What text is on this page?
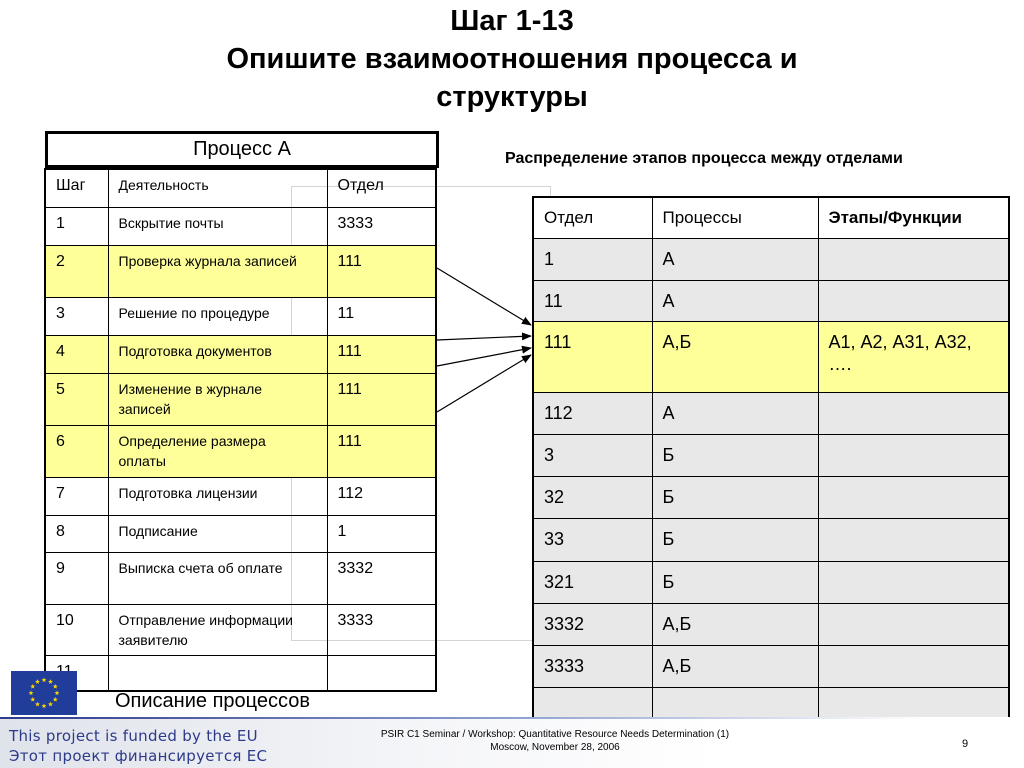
Шаг 1-13
Опишите взаимоотношения процесса и
структуры
Процесс А
Шаг	Деятельность	Отдел
1	Вскрытие почты	3333
2	Проверка журнала записей	111
3	Решение по процедуре	11
4	Подготовка документов	111
5	Изменение в журнале записей	111
6	Определение размера оплаты	111
7	Подготовка лицензии	112
8	Подписание	1
9	Выписка счета об оплате	3332
10	Отправление информации заявителю	3333

Распределение этапов процесса между отделами
Отдел	Процессы	Этапы/Функции
1	А	
11	А	
111	А,Б	А1, А2, А31, А32, ….
112	А	
3	Б	
32	Б	
33	Б	
321	Б	
3332	А,Б	
3333	А,Б	

Описание процессов
This project is funded by the EU
Этот проект финансируется ЕС
PSIR C1 Seminar / Workshop: Quantitative Resource Needs Determination (1)
Moscow, November 28, 2006	9
